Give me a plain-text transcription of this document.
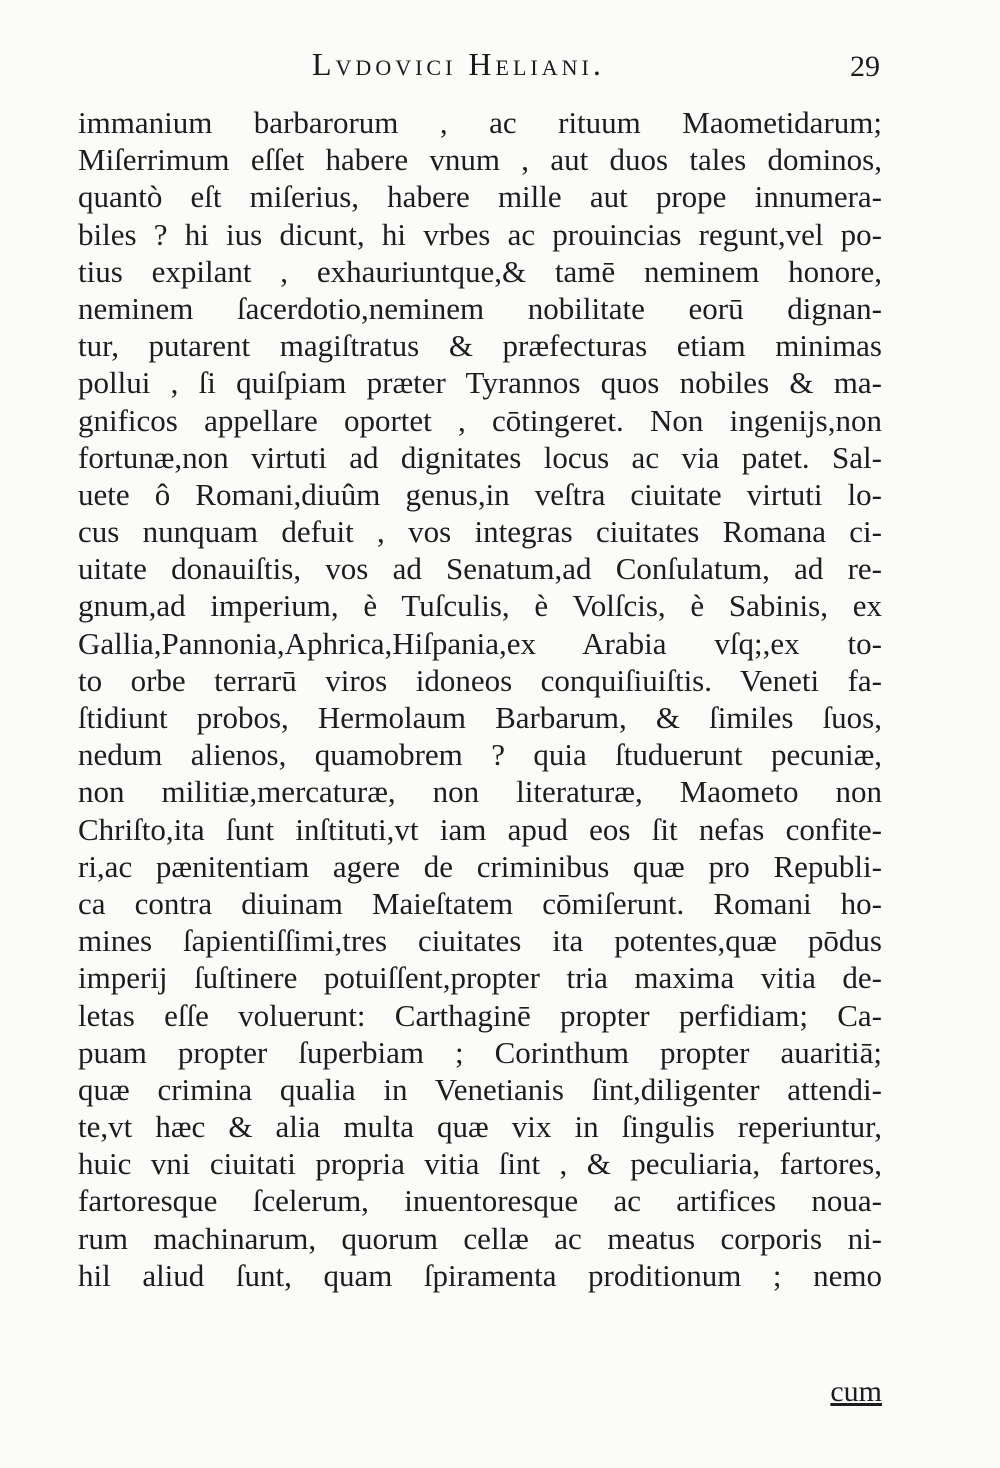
Lvdovici Heliani.	29
immanium barbarorum , ac rituum Maometidarum;
Miſerrimum eſſet habere vnum , aut duos tales dominos,
quantò eſt miſerius, habere mille aut prope innumera-
biles ? hi ius dicunt, hi vrbes ac prouincias regunt,vel po-
tius expilant , exhauriuntque,& tamē neminem honore,
neminem ſacerdotio,neminem nobilitate eorū dignan-
tur, putarent magiſtratus & præfecturas etiam minimas
pollui , ſi quiſpiam præter Tyrannos quos nobiles & ma-
gnificos appellare oportet , cōtingeret. Non ingenijs,non
fortunæ,non virtuti ad dignitates locus ac via patet. Sal-
uete ô Romani,diuûm genus,in veſtra ciuitate virtuti lo-
cus nunquam defuit , vos integras ciuitates Romana ci-
uitate donauiſtis, vos ad Senatum,ad Conſulatum, ad re-
gnum,ad imperium, è Tuſculis, è Volſcis, è Sabinis, ex
Gallia,Pannonia,Aphrica,Hiſpania,ex Arabia vſq;,ex to-
to orbe terrarū viros idoneos conquiſiuiſtis. Veneti fa-
ſtidiunt probos, Hermolaum Barbarum, & ſimiles ſuos,
nedum alienos, quamobrem ? quia ſtuduerunt pecuniæ,
non militiæ,mercaturæ, non literaturæ, Maometo non
Chriſto,ita ſunt inſtituti,vt iam apud eos ſit nefas confite-
ri,ac pænitentiam agere de criminibus quæ pro Republi-
ca contra diuinam Maieſtatem cōmiſerunt. Romani ho-
mines ſapientiſſimi,tres ciuitates ita potentes,quæ pōdus
imperij ſuſtinere potuiſſent,propter tria maxima vitia de-
letas eſſe voluerunt: Carthaginē propter perfidiam; Ca-
puam propter ſuperbiam ; Corinthum propter auaritiā;
quæ crimina qualia in Venetianis ſint,diligenter attendi-
te,vt hæc & alia multa quæ vix in ſingulis reperiuntur,
huic vni ciuitati propria vitia ſint , & peculiaria, fartores,
fartoresque ſcelerum, inuentoresque ac artifices noua-
rum machinarum, quorum cellæ ac meatus corporis ni-
hil aliud ſunt, quam ſpiramenta proditionum ; nemo
cum
